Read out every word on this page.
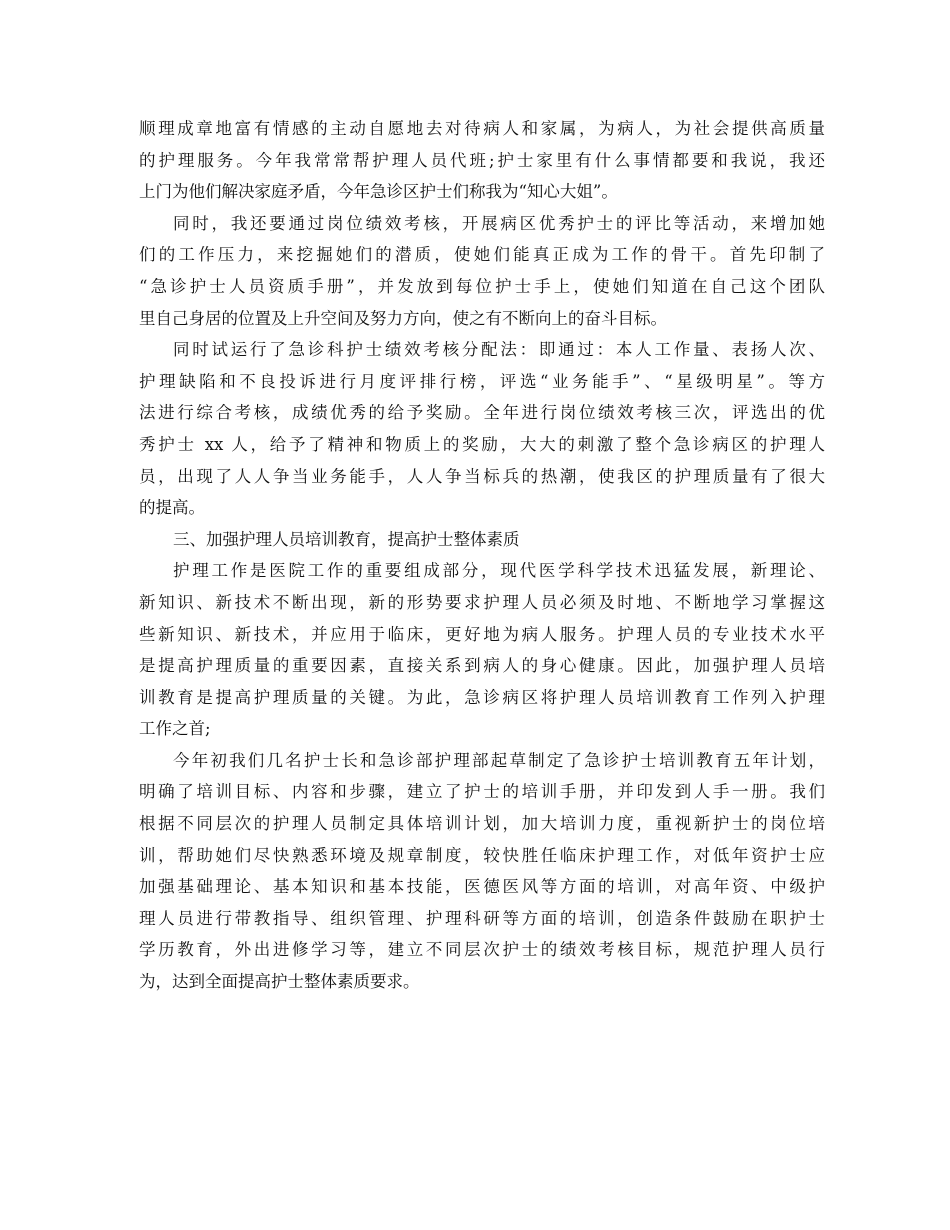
顺理成章地富有情感的主动自愿地去对待病人和家属，为病人，为社会提供高质量
的护理服务。今年我常常帮护理人员代班;护士家里有什么事情都要和我说，我还
上门为他们解决家庭矛盾，今年急诊区护士们称我为“知心大姐”。
同时，我还要通过岗位绩效考核，开展病区优秀护士的评比等活动，来增加她
们的工作压力，来挖掘她们的潜质，使她们能真正成为工作的骨干。首先印制了
“急诊护士人员资质手册”，并发放到每位护士手上，使她们知道在自己这个团队
里自己身居的位置及上升空间及努力方向，使之有不断向上的奋斗目标。
同时试运行了急诊科护士绩效考核分配法：即通过：本人工作量、表扬人次、
护理缺陷和不良投诉进行月度评排行榜，评选“业务能手”、“星级明星”。等方
法进行综合考核，成绩优秀的给予奖励。全年进行岗位绩效考核三次，评选出的优
秀护士 xx 人，给予了精神和物质上的奖励，大大的刺激了整个急诊病区的护理人
员，出现了人人争当业务能手，人人争当标兵的热潮，使我区的护理质量有了很大
的提高。
三、加强护理人员培训教育，提高护士整体素质
护理工作是医院工作的重要组成部分，现代医学科学技术迅猛发展，新理论、
新知识、新技术不断出现，新的形势要求护理人员必须及时地、不断地学习掌握这
些新知识、新技术，并应用于临床，更好地为病人服务。护理人员的专业技术水平
是提高护理质量的重要因素，直接关系到病人的身心健康。因此，加强护理人员培
训教育是提高护理质量的关键。为此，急诊病区将护理人员培训教育工作列入护理
工作之首;
今年初我们几名护士长和急诊部护理部起草制定了急诊护士培训教育五年计划，
明确了培训目标、内容和步骤，建立了护士的培训手册，并印发到人手一册。我们
根据不同层次的护理人员制定具体培训计划，加大培训力度，重视新护士的岗位培
训，帮助她们尽快熟悉环境及规章制度，较快胜任临床护理工作，对低年资护士应
加强基础理论、基本知识和基本技能，医德医风等方面的培训，对高年资、中级护
理人员进行带教指导、组织管理、护理科研等方面的培训，创造条件鼓励在职护士
学历教育，外出进修学习等，建立不同层次护士的绩效考核目标，规范护理人员行
为，达到全面提高护士整体素质要求。
